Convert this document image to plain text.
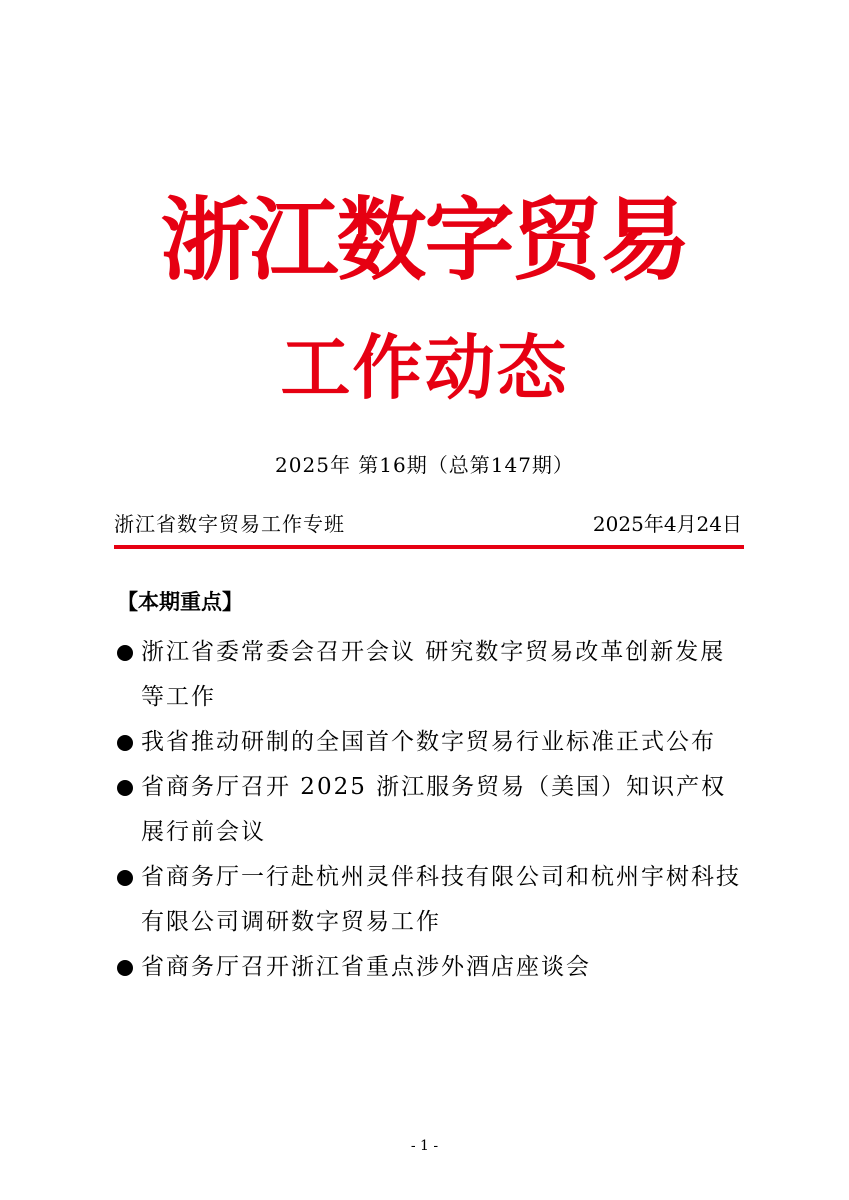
浙江数字贸易
工作动态
2025年 第16期（总第147期）
浙江省数字贸易工作专班	2025年4月24日
【本期重点】
浙江省委常委会召开会议 研究数字贸易改革创新发展等工作
我省推动研制的全国首个数字贸易行业标准正式公布
省商务厅召开 2025 浙江服务贸易（美国）知识产权展行前会议
省商务厅一行赴杭州灵伴科技有限公司和杭州宇树科技有限公司调研数字贸易工作
省商务厅召开浙江省重点涉外酒店座谈会
- 1 -
